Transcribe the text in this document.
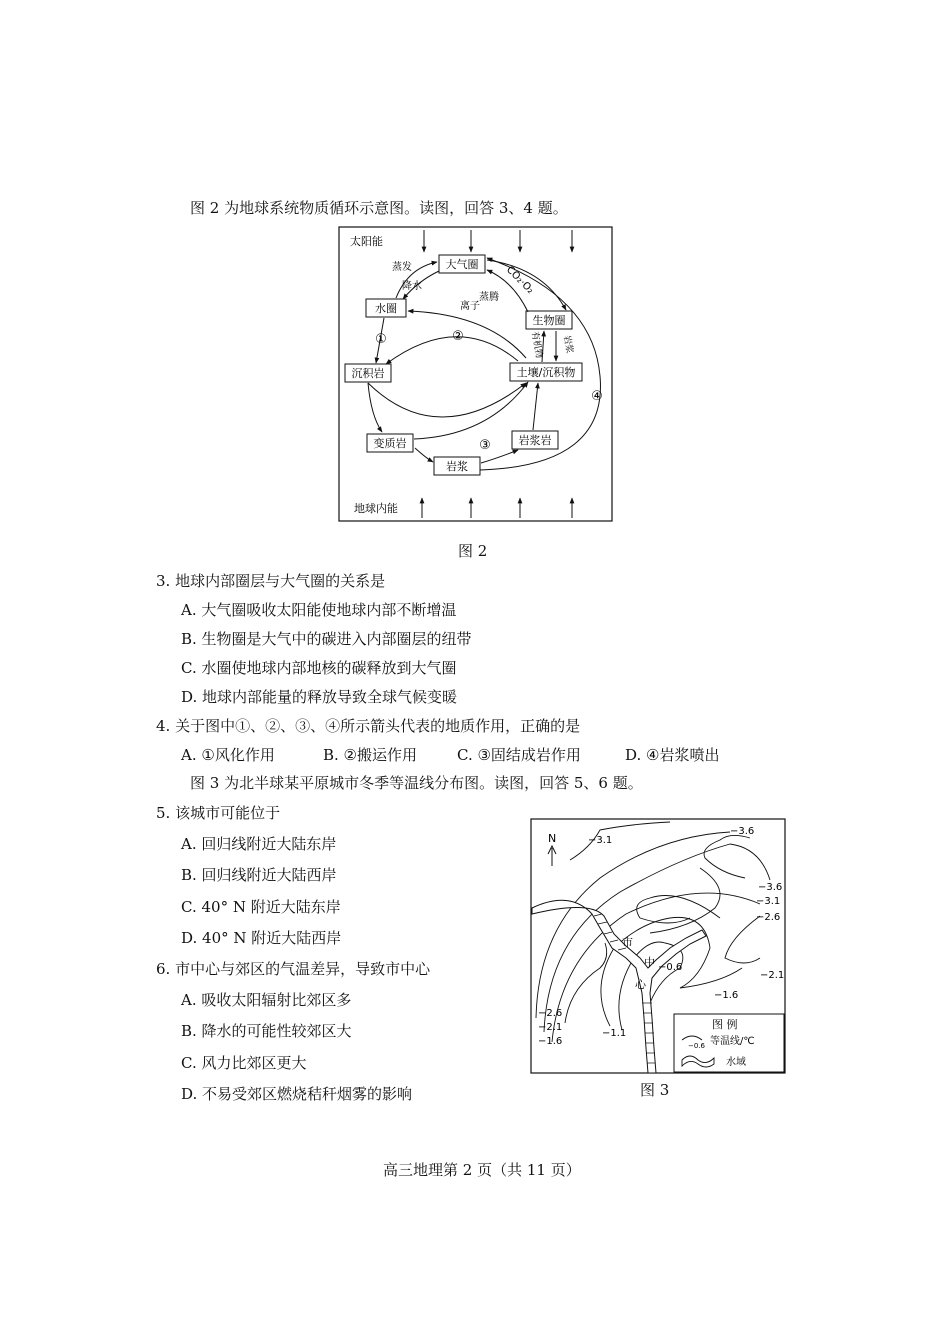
图 2 为地球系统物质循环示意图。读图，回答 3、4 题。
太阳能
地球内能
大气圈
水圈
生物圈
沉积岩	土壤/沉积物
变质岩	岩浆岩
岩浆
蒸发
降水
蒸腾
离子
CO₂·O₂
有机物 岩浆
①	②
③
④
图 2
3. 地球内部圈层与大气圈的关系是
A. 大气圈吸收太阳能使地球内部不断增温
B. 生物圈是大气中的碳进入内部圈层的纽带
C. 水圈使地球内部地核的碳释放到大气圈
D. 地球内部能量的释放导致全球气候变暖
4. 关于图中①、②、③、④所示箭头代表的地质作用，正确的是
A. ①风化作用	B. ②搬运作用	C. ③固结成岩作用	D. ④岩浆喷出
图 3 为北半球某平原城市冬季等温线分布图。读图，回答 5、6 题。
5. 该城市可能位于
A. 回归线附近大陆东岸
B. 回归线附近大陆西岸
C. 40° N 附近大陆东岸
D. 40° N 附近大陆西岸
6. 市中心与郊区的气温差异，导致市中心
A. 吸收太阳辐射比郊区多
B. 降水的可能性较郊区大
C. 风力比郊区更大
D. 不易受郊区燃烧秸秆烟雾的影响
N
市
中
心
−3.1
−3.6
−3.6
−3.1
−2.6
−2.1
−1.6
−0.6
−2.6
−2.1
−1.6
−1.1
图 例
−0.6 等温线/℃
水域
图 3
高三地理第 2 页（共 11 页）
